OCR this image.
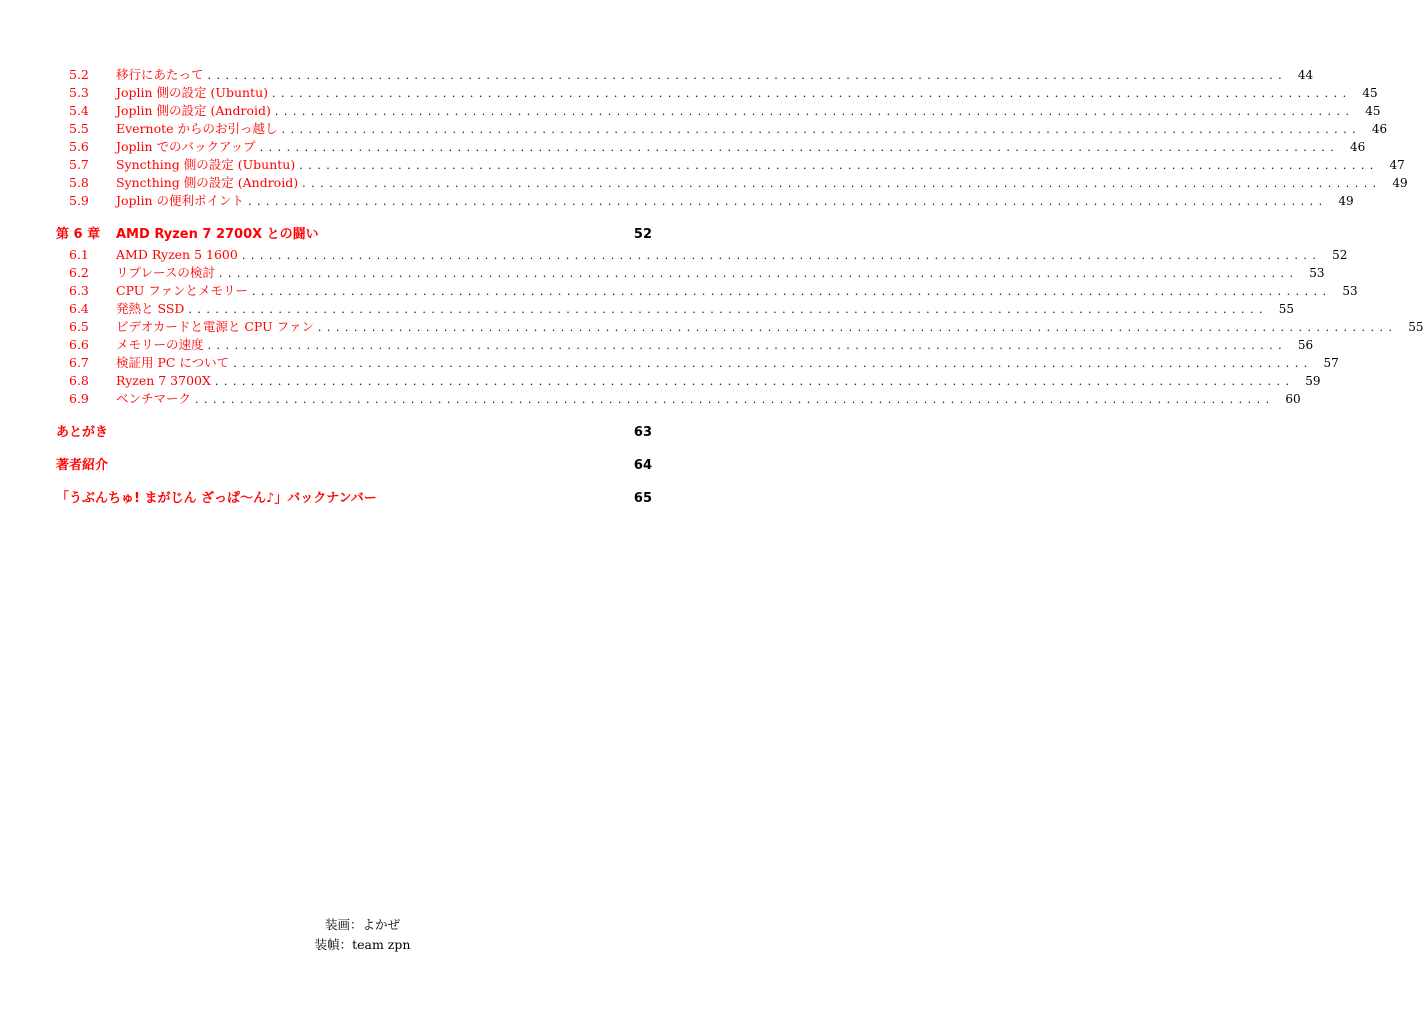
5.2	移行にあたって ........................................................................................................................ 44
5.3	Joplin 側の設定 (Ubuntu) ........................................................................................................................ 45
5.4	Joplin 側の設定 (Android) ........................................................................................................................ 45
5.5	Evernote からのお引っ越し ........................................................................................................................ 46
5.6	Joplin でのバックアップ ........................................................................................................................ 46
5.7	Syncthing 側の設定 (Ubuntu) ........................................................................................................................ 47
5.8	Syncthing 側の設定 (Android) ........................................................................................................................ 49
5.9	Joplin の便利ポイント ........................................................................................................................ 49
第 6 章	AMD Ryzen 7 2700X との闘い	52
6.1	AMD Ryzen 5 1600 ........................................................................................................................ 52
6.2	リプレースの検討 ........................................................................................................................ 53
6.3	CPU ファンとメモリー ........................................................................................................................ 53
6.4	発熱と SSD ........................................................................................................................ 55
6.5	ビデオカードと電源と CPU ファン ........................................................................................................................ 55
6.6	メモリーの速度 ........................................................................................................................ 56
6.7	検証用 PC について ........................................................................................................................ 57
6.8	Ryzen 7 3700X ........................................................................................................................ 59
6.9	ベンチマーク ........................................................................................................................ 60
あとがき	63
著者紹介	64
「うぶんちゅ! まがじん ざっぱ〜ん♪」バックナンバー	65
装画：よかぜ
装幀：team zpn
